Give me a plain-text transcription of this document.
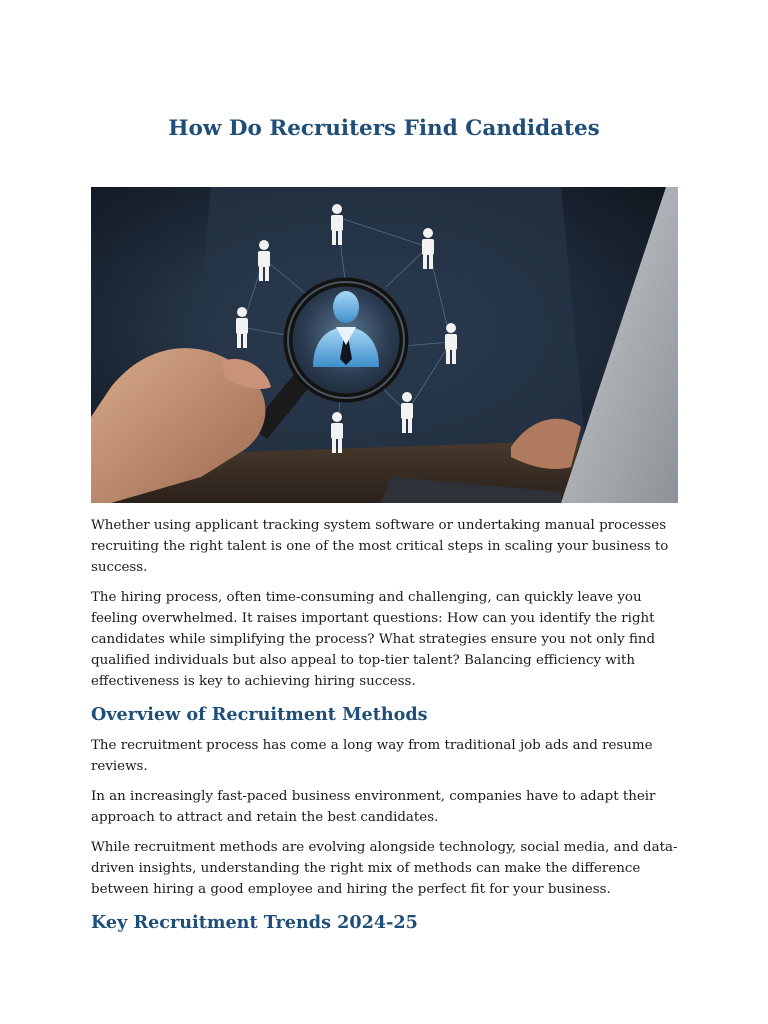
How Do Recruiters Find Candidates

Whether using applicant tracking system software or undertaking manual processes recruiting the right talent is one of the most critical steps in scaling your business to success.

The hiring process, often time-consuming and challenging, can quickly leave you feeling overwhelmed. It raises important questions: How can you identify the right candidates while simplifying the process? What strategies ensure you not only find qualified individuals but also appeal to top-tier talent? Balancing efficiency with effectiveness is key to achieving hiring success.

Overview of Recruitment Methods

The recruitment process has come a long way from traditional job ads and resume reviews.

In an increasingly fast-paced business environment, companies have to adapt their approach to attract and retain the best candidates.

While recruitment methods are evolving alongside technology, social media, and data-driven insights, understanding the right mix of methods can make the difference between hiring a good employee and hiring the perfect fit for your business.

Key Recruitment Trends 2024-25
